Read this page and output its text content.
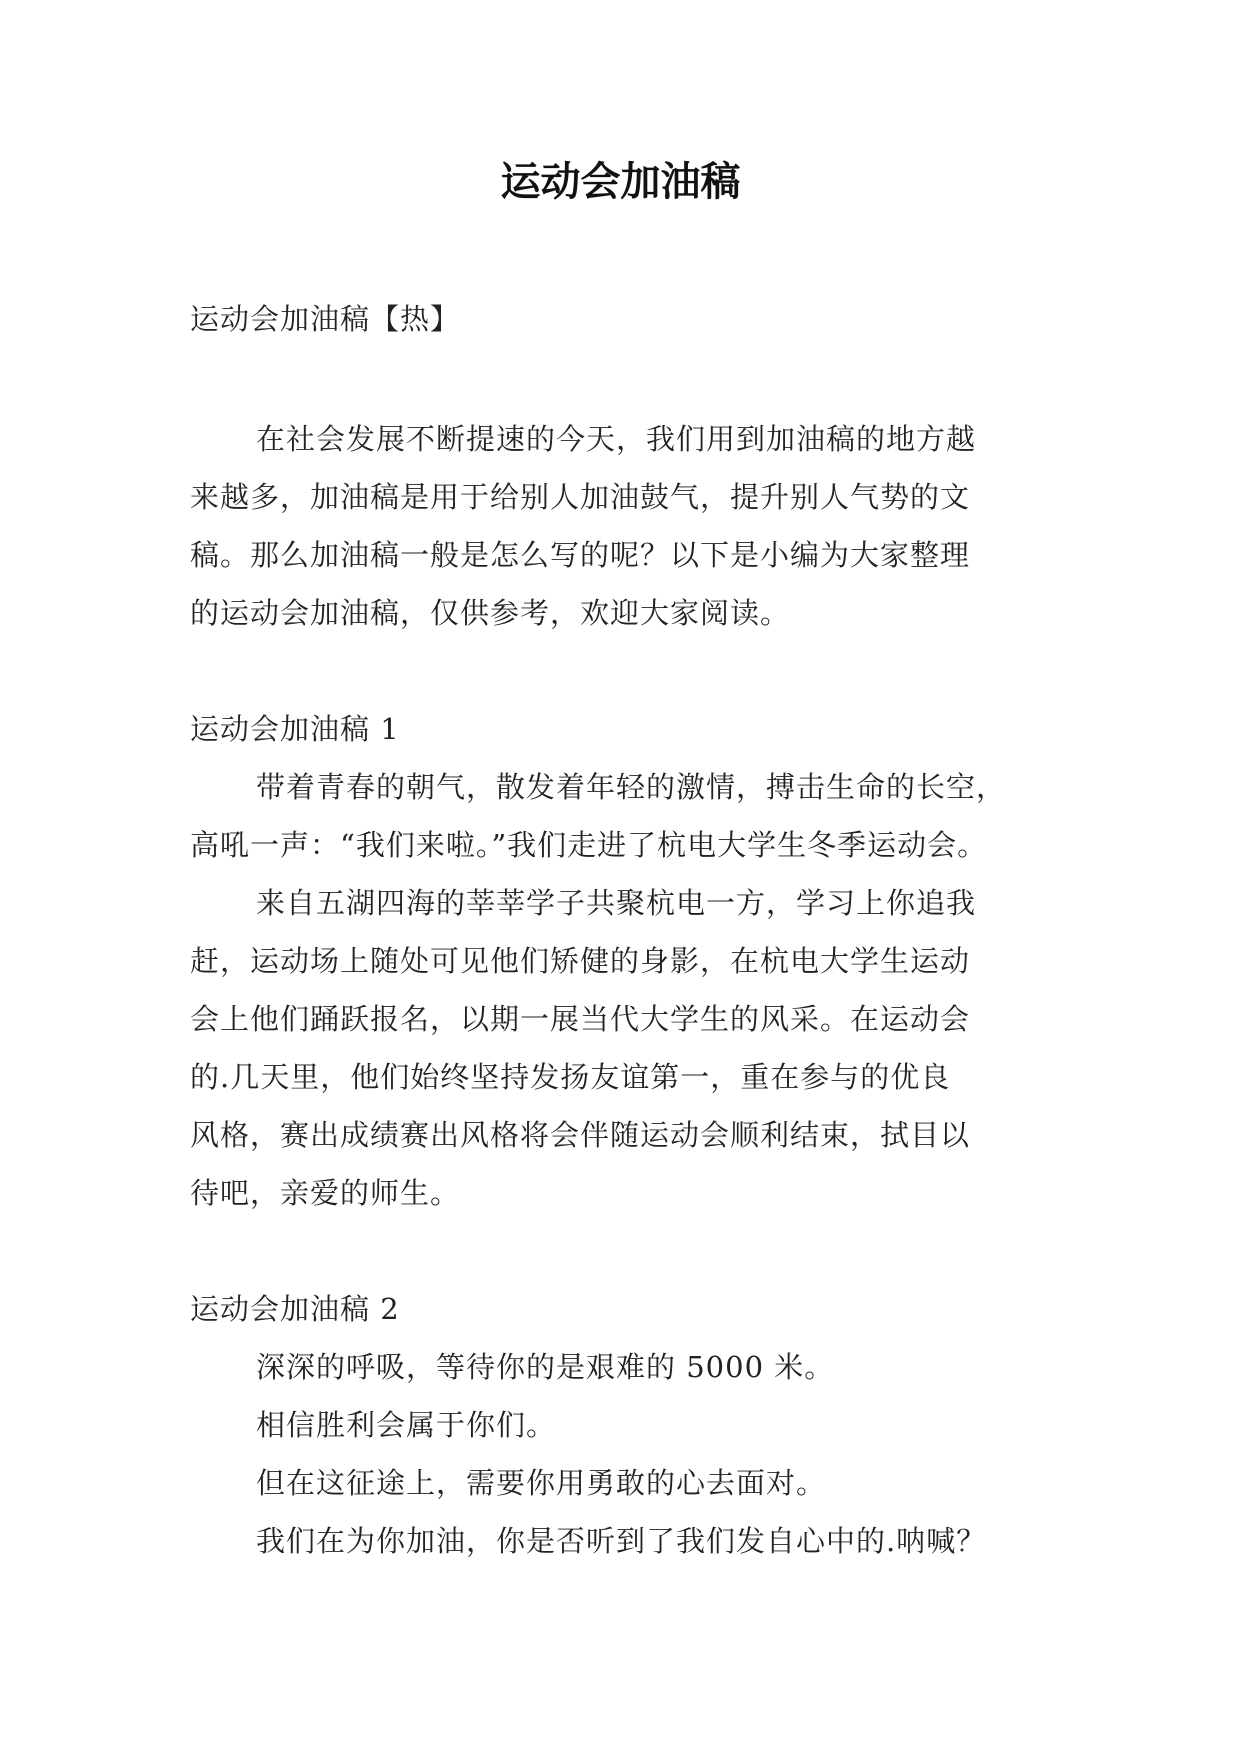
运动会加油稿

运动会加油稿【热】

在社会发展不断提速的今天，我们用到加油稿的地方越

来越多，加油稿是用于给别人加油鼓气，提升别人气势的文

稿。那么加油稿一般是怎么写的呢？以下是小编为大家整理

的运动会加油稿，仅供参考，欢迎大家阅读。

运动会加油稿 1

带着青春的朝气，散发着年轻的激情，搏击生命的长空，

高吼一声：“我们来啦。”我们走进了杭电大学生冬季运动会。

来自五湖四海的莘莘学子共聚杭电一方，学习上你追我

赶，运动场上随处可见他们矫健的身影，在杭电大学生运动

会上他们踊跃报名，以期一展当代大学生的风采。在运动会

的.几天里，他们始终坚持发扬友谊第一，重在参与的优良

风格，赛出成绩赛出风格将会伴随运动会顺利结束，拭目以

待吧，亲爱的师生。

运动会加油稿 2

深深的呼吸，等待你的是艰难的 5000 米。

相信胜利会属于你们。

但在这征途上，需要你用勇敢的心去面对。

我们在为你加油，你是否听到了我们发自心中的.呐喊？
